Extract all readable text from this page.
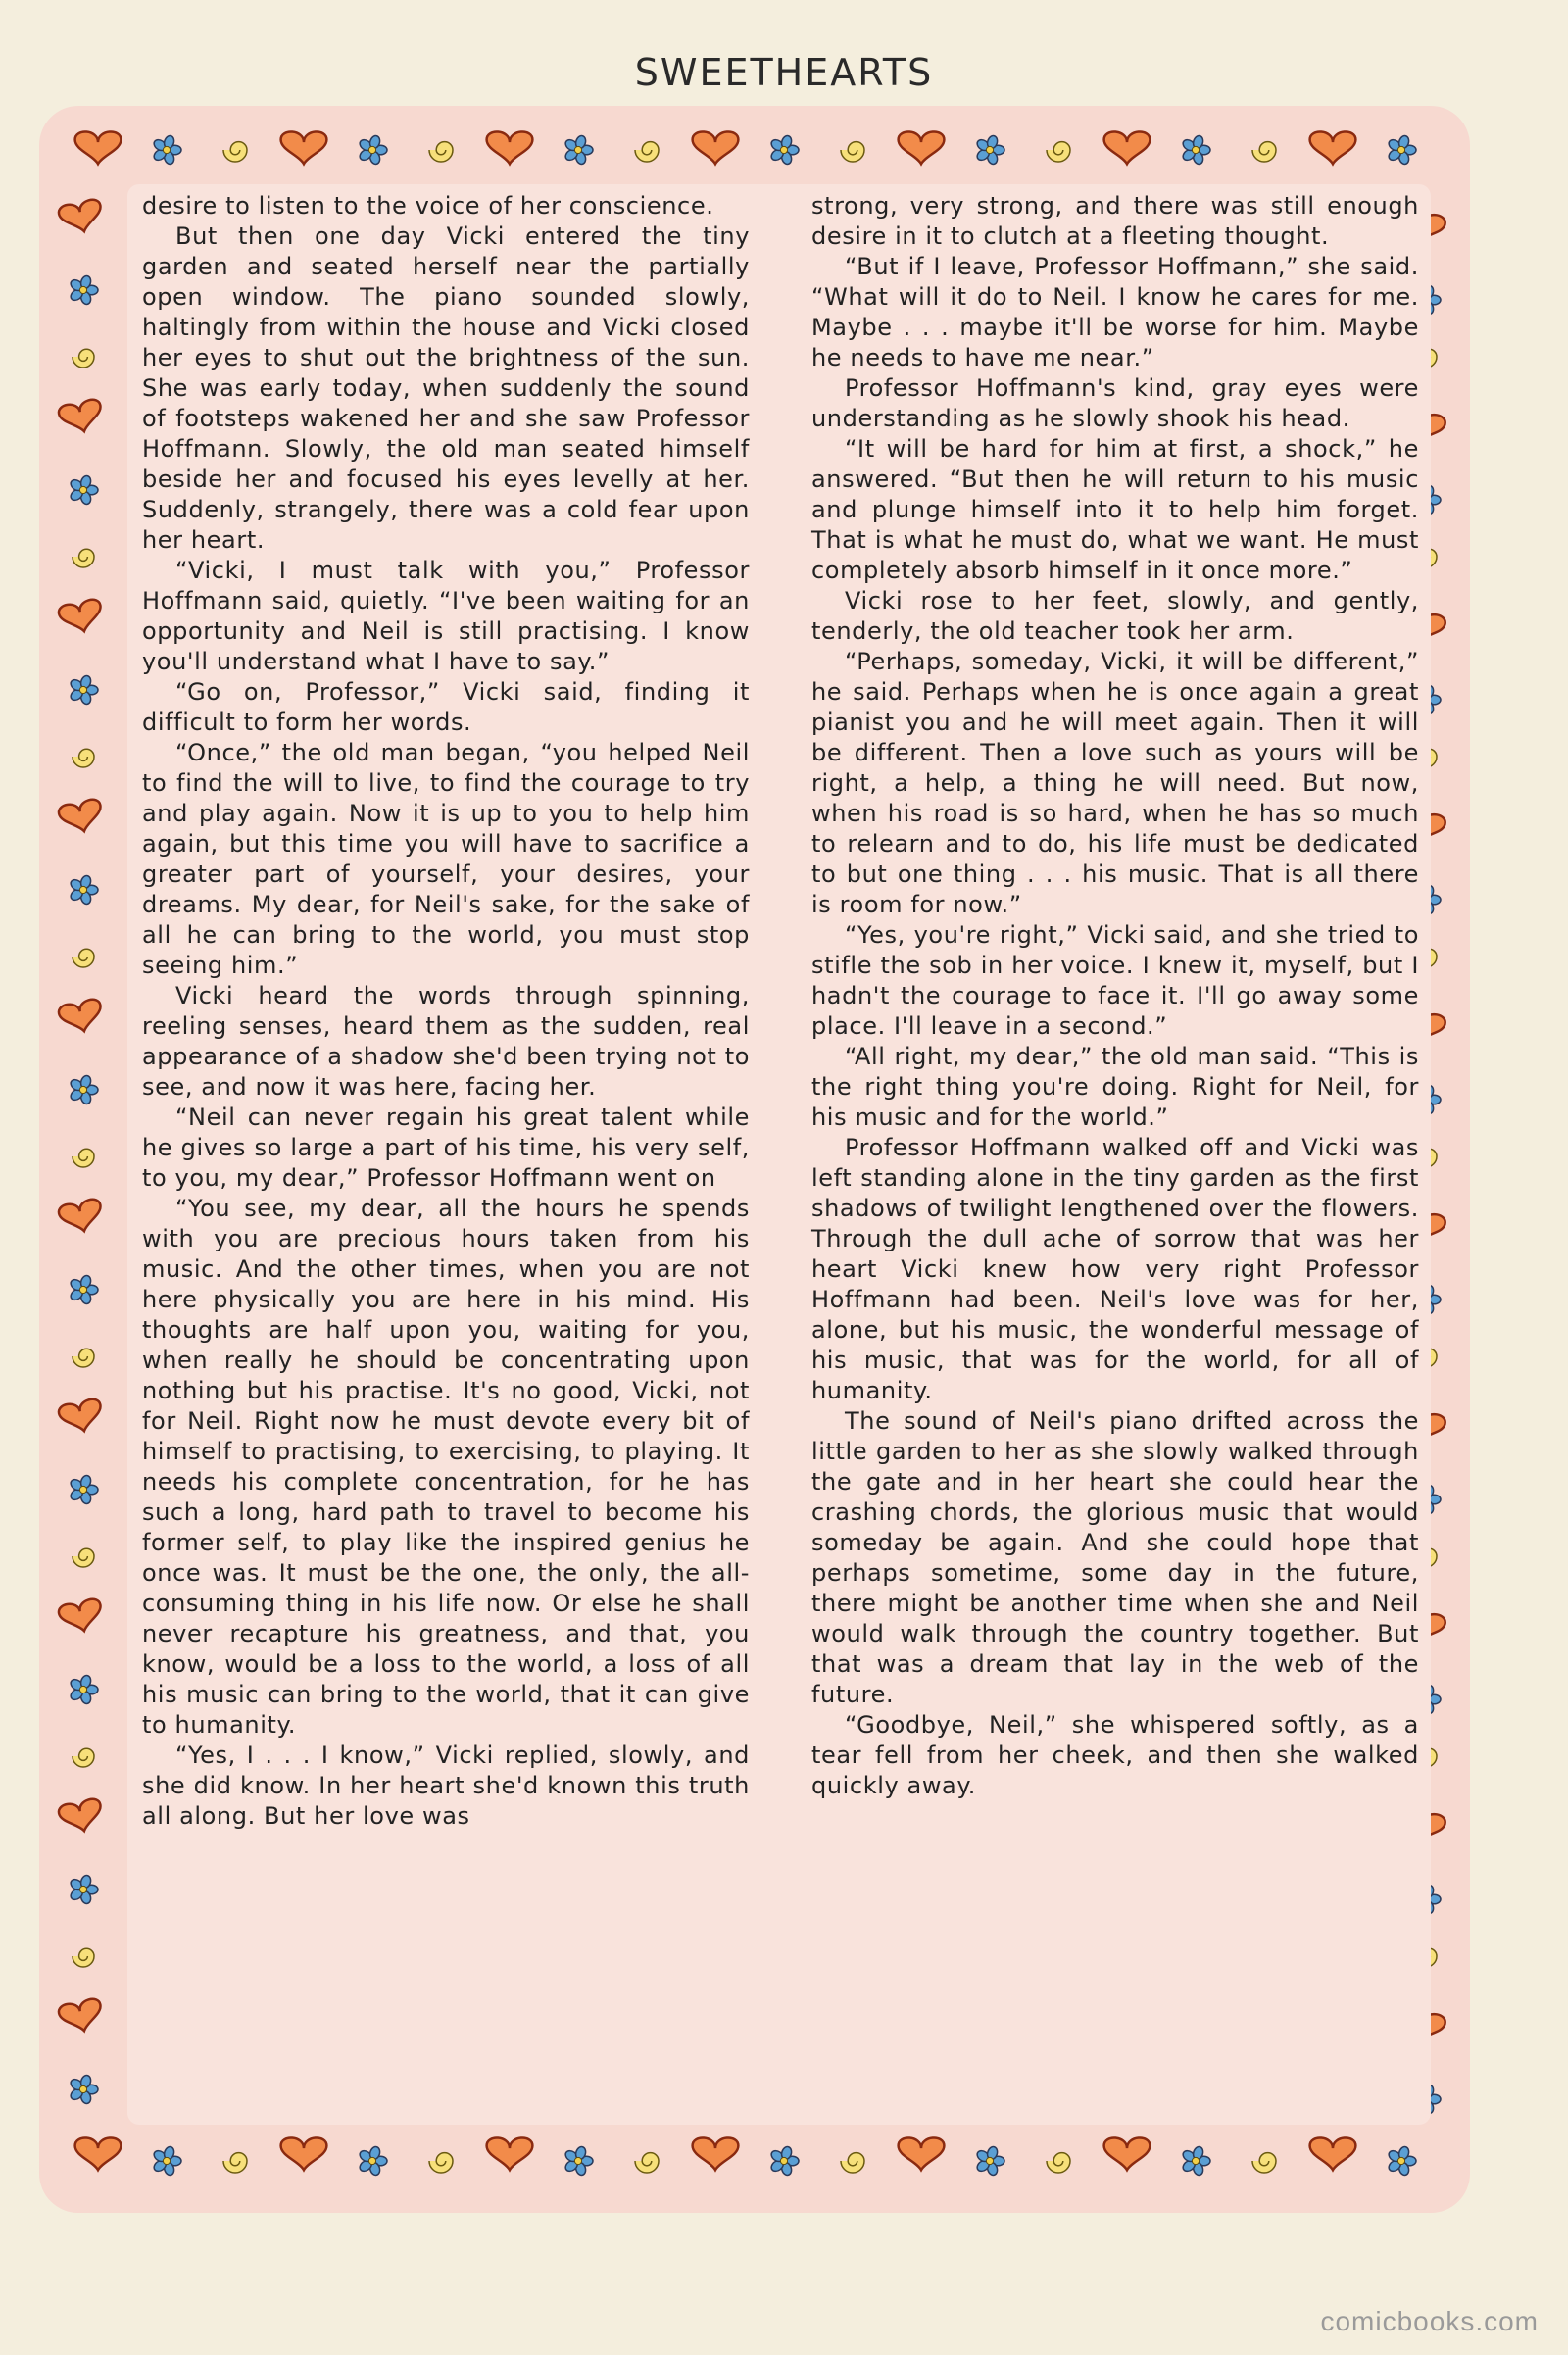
SWEETHEARTS

desire to listen to the voice of her conscience.

But then one day Vicki entered the tiny garden and seated herself near the partially open window. The piano sounded slowly, haltingly from within the house and Vicki closed her eyes to shut out the brightness of the sun. She was early today, when suddenly the sound of footsteps wakened her and she saw Professor Hoffmann. Slowly, the old man seated himself beside her and focused his eyes levelly at her. Suddenly, strangely, there was a cold fear upon her heart.

“Vicki, I must talk with you,” Professor Hoffmann said, quietly. “I've been waiting for an opportunity and Neil is still practising. I know you'll understand what I have to say.”

“Go on, Professor,” Vicki said, finding it difficult to form her words.

“Once,” the old man began, “you helped Neil to find the will to live, to find the courage to try and play again. Now it is up to you to help him again, but this time you will have to sacrifice a greater part of yourself, your desires, your dreams. My dear, for Neil's sake, for the sake of all he can bring to the world, you must stop seeing him.”

Vicki heard the words through spinning, reeling senses, heard them as the sudden, real appearance of a shadow she'd been trying not to see, and now it was here, facing her.

“Neil can never regain his great talent while he gives so large a part of his time, his very self, to you, my dear,” Professor Hoffmann went on

“You see, my dear, all the hours he spends with you are precious hours taken from his music. And the other times, when you are not here physically you are here in his mind. His thoughts are half upon you, waiting for you, when really he should be concentrating upon nothing but his practise. It's no good, Vicki, not for Neil. Right now he must devote every bit of himself to practising, to exercising, to playing. It needs his complete concentration, for he has such a long, hard path to travel to become his former self, to play like the inspired genius he once was. It must be the one, the only, the all-consuming thing in his life now. Or else he shall never recapture his greatness, and that, you know, would be a loss to the world, a loss of all his music can bring to the world, that it can give to humanity.

“Yes, I . . . I know,” Vicki replied, slowly, and she did know. In her heart she'd known this truth all along. But her love was

strong, very strong, and there was still enough desire in it to clutch at a fleeting thought.

“But if I leave, Professor Hoffmann,” she said. “What will it do to Neil. I know he cares for me. Maybe . . . maybe it'll be worse for him. Maybe he needs to have me near.”

Professor Hoffmann's kind, gray eyes were understanding as he slowly shook his head.

“It will be hard for him at first, a shock,” he answered. “But then he will return to his music and plunge himself into it to help him forget. That is what he must do, what we want. He must completely absorb himself in it once more.”

Vicki rose to her feet, slowly, and gently, tenderly, the old teacher took her arm.

“Perhaps, someday, Vicki, it will be different,” he said. Perhaps when he is once again a great pianist you and he will meet again. Then it will be different. Then a love such as yours will be right, a help, a thing he will need. But now, when his road is so hard, when he has so much to relearn and to do, his life must be dedicated to but one thing . . . his music. That is all there is room for now.”

“Yes, you're right,” Vicki said, and she tried to stifle the sob in her voice. I knew it, myself, but I hadn't the courage to face it. I'll go away some place. I'll leave in a second.”

“All right, my dear,” the old man said. “This is the right thing you're doing. Right for Neil, for his music and for the world.”

Professor Hoffmann walked off and Vicki was left standing alone in the tiny garden as the first shadows of twilight lengthened over the flowers. Through the dull ache of sorrow that was her heart Vicki knew how very right Professor Hoffmann had been. Neil's love was for her, alone, but his music, the wonderful message of his music, that was for the world, for all of humanity.

The sound of Neil's piano drifted across the little garden to her as she slowly walked through the gate and in her heart she could hear the crashing chords, the glorious music that would someday be again. And she could hope that perhaps sometime, some day in the future, there might be another time when she and Neil would walk through the country together. But that was a dream that lay in the web of the future.

“Goodbye, Neil,” she whispered softly, as a tear fell from her cheek, and then she walked quickly away.

comicbooks.com
